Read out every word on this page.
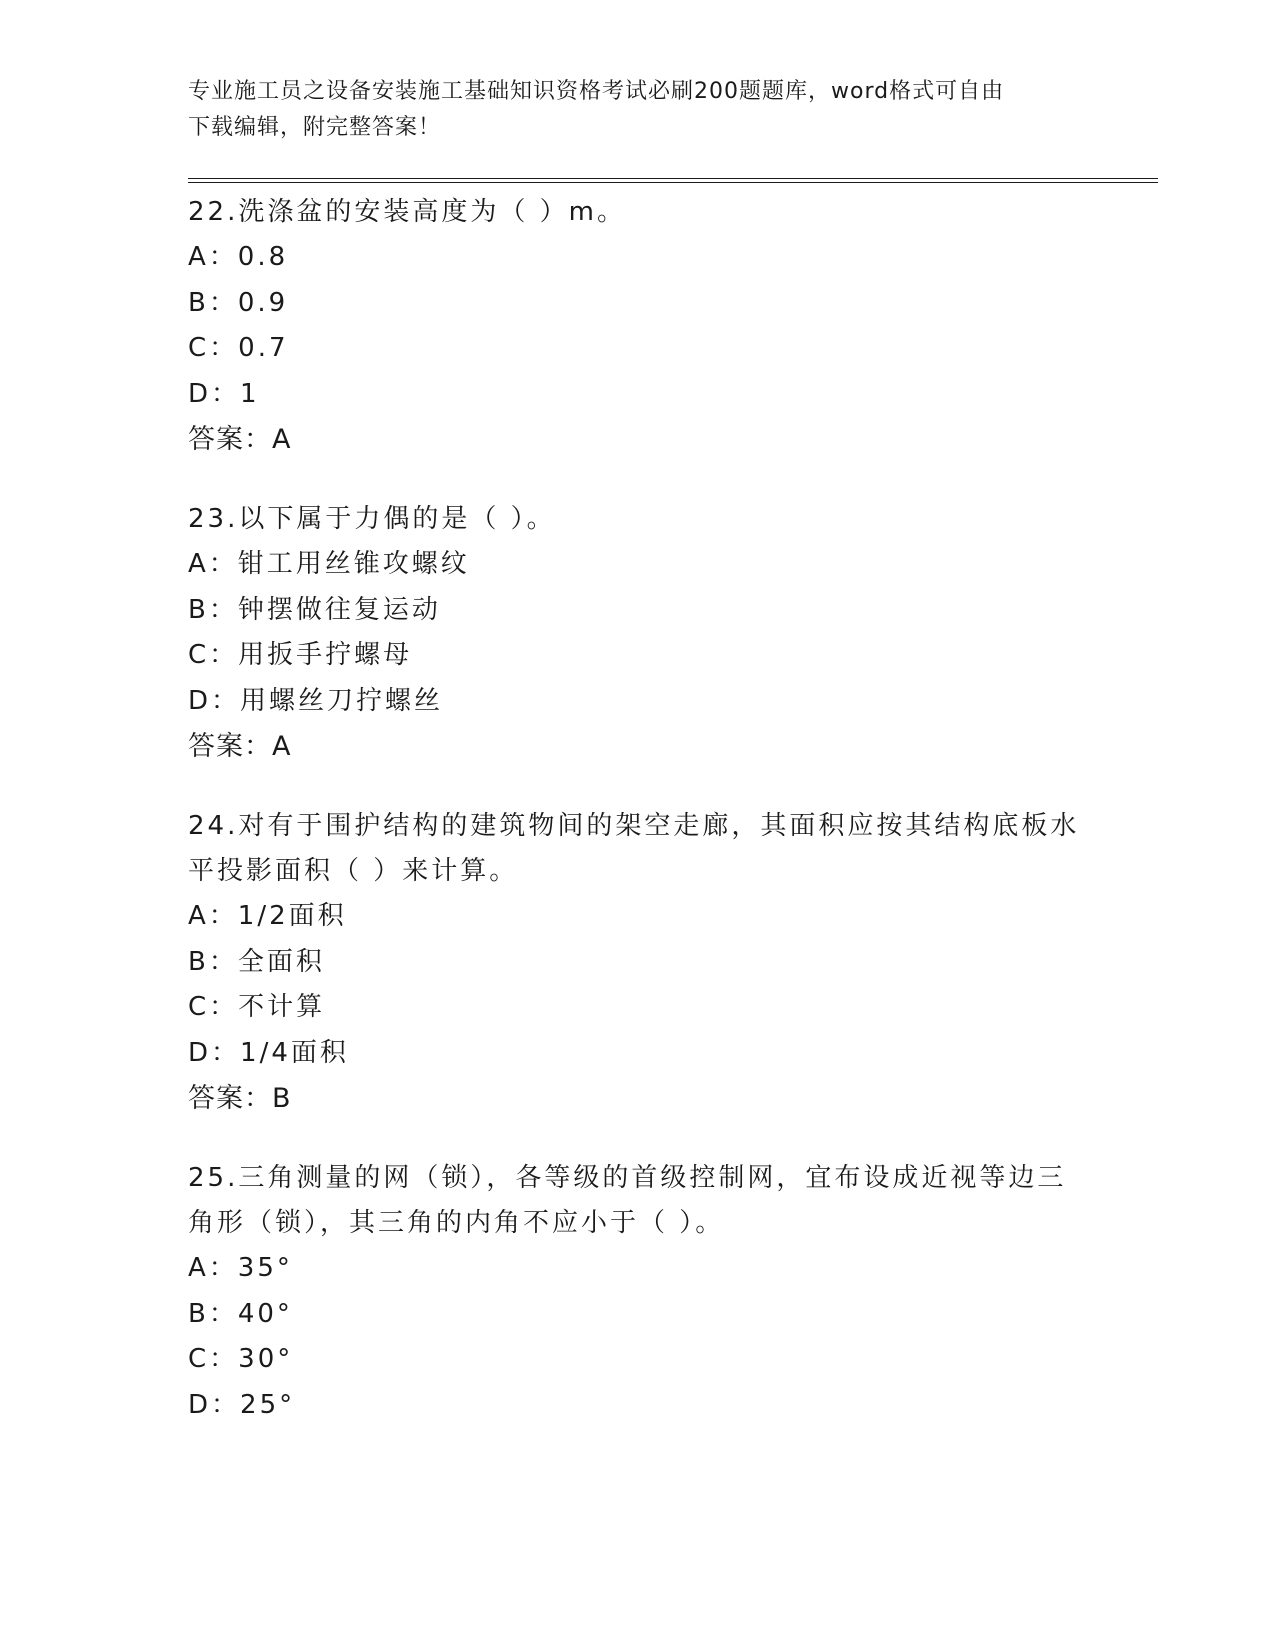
专业施工员之设备安装施工基础知识资格考试必刷200题题库，word格式可自由
下载编辑，附完整答案！
22.洗涤盆的安装高度为（ ）m。
A：0.8
B：0.9
C：0.7
D：1
答案：A
23.以下属于力偶的是（ ）。
A：钳工用丝锥攻螺纹
B：钟摆做往复运动
C：用扳手拧螺母
D：用螺丝刀拧螺丝
答案：A
24.对有于围护结构的建筑物间的架空走廊，其面积应按其结构底板水平投影面积（ ）来计算。
A：1/2面积
B：全面积
C：不计算
D：1/4面积
答案：B
25.三角测量的网（锁），各等级的首级控制网，宜布设成近视等边三角形（锁），其三角的内角不应小于（ ）。
A：35°
B：40°
C：30°
D：25°
